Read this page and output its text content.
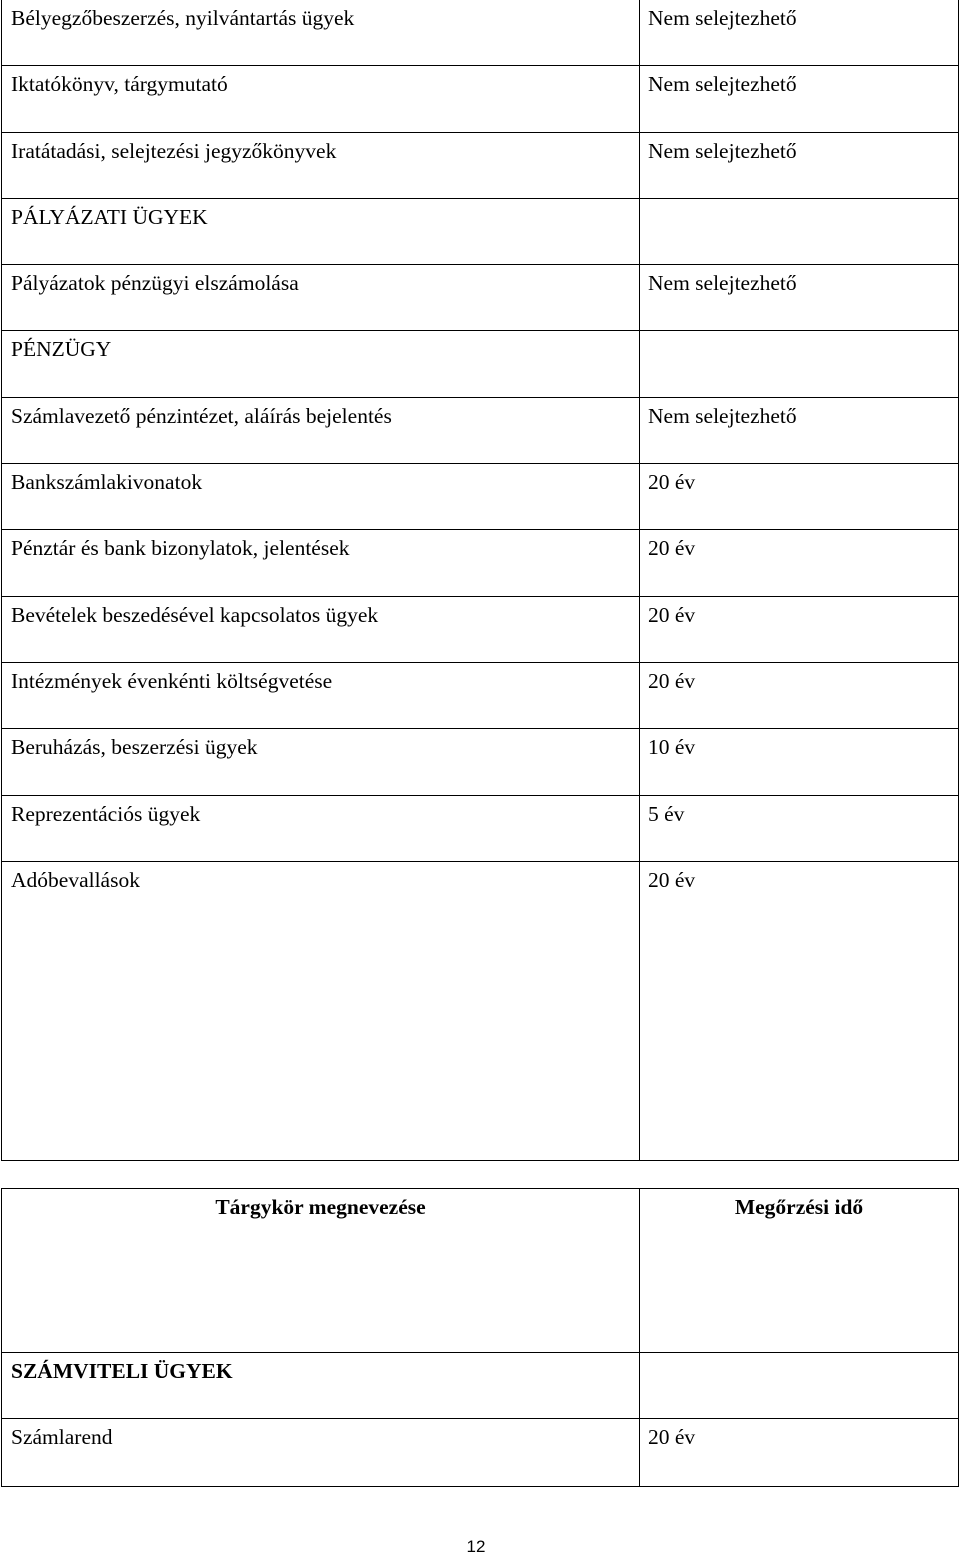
Bélyegzőbeszerzés, nyilvántartás ügyek	Nem selejtezhető
Iktatókönyv, tárgymutató	Nem selejtezhető
Iratátadási, selejtezési jegyzőkönyvek	Nem selejtezhető
PÁLYÁZATI ÜGYEK
Pályázatok pénzügyi elszámolása	Nem selejtezhető
PÉNZÜGY
Számlavezető pénzintézet, aláírás bejelentés	Nem selejtezhető
Bankszámlakivonatok	20 év
Pénztár és bank bizonylatok, jelentések	20 év
Bevételek beszedésével kapcsolatos ügyek	20 év
Intézmények évenkénti költségvetése	20 év
Beruházás, beszerzési ügyek	10 év
Reprezentációs ügyek	5 év
Adóbevallások	20 év
Tárgykör megnevezése	Megőrzési idő
SZÁMVITELI ÜGYEK
Számlarend	20 év
12
